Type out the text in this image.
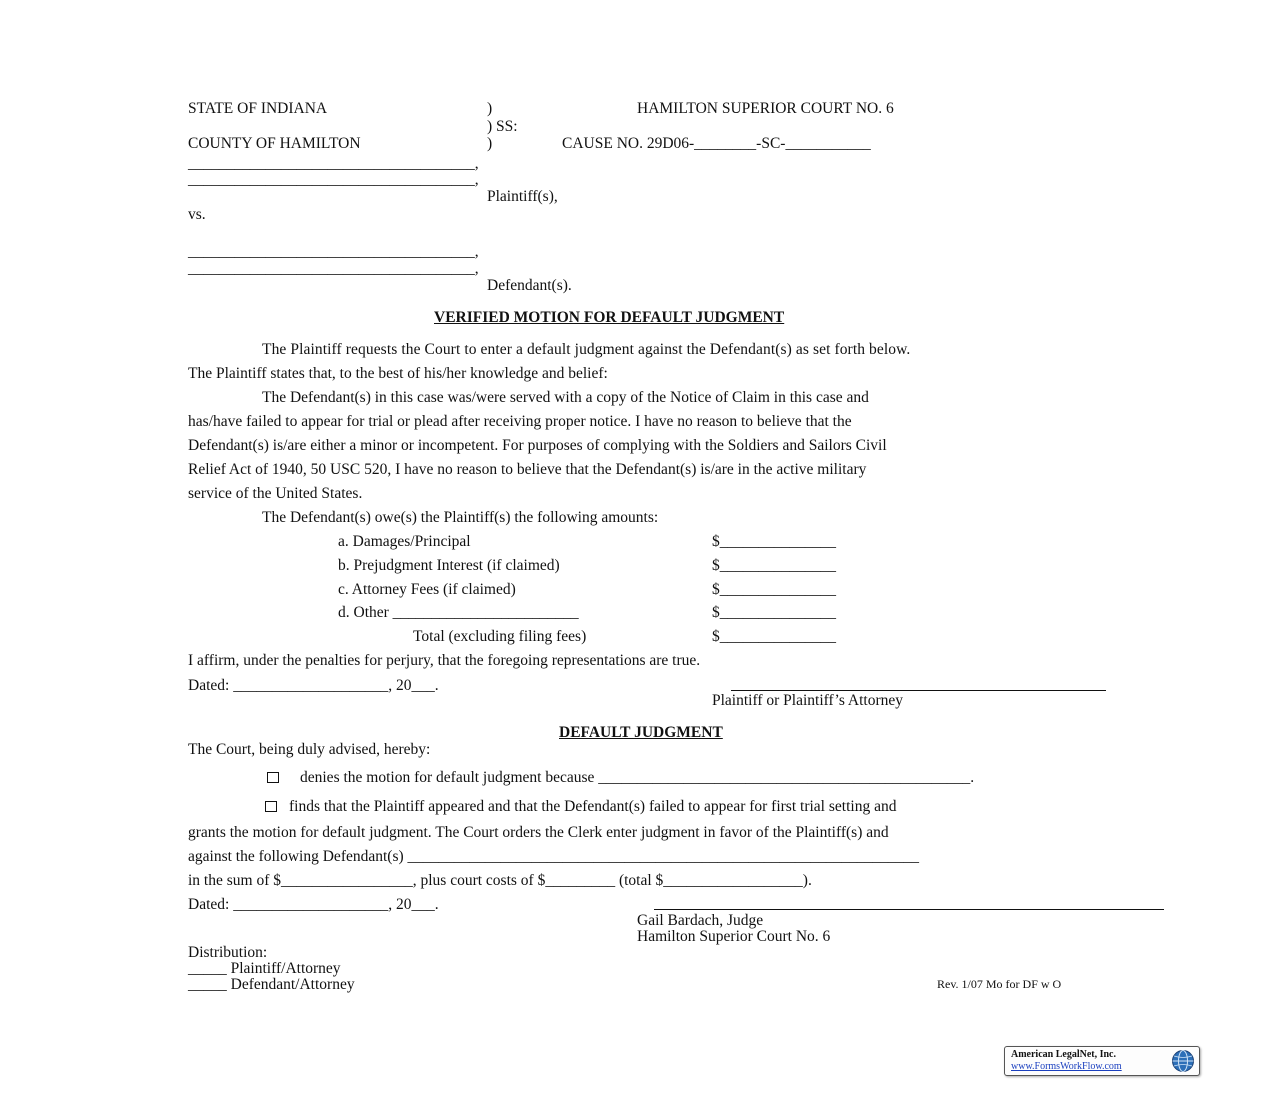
STATE OF INDIANA	)	HAMILTON SUPERIOR COURT NO. 6
) SS:
COUNTY OF HAMILTON	)	CAUSE NO. 29D06-________-SC-___________
_____________________________________,
_____________________________________,
Plaintiff(s),
vs.
_____________________________________,
_____________________________________,
Defendant(s).
VERIFIED MOTION FOR DEFAULT JUDGMENT
The Plaintiff requests the Court to enter a default judgment against the Defendant(s) as set forth below.
The Plaintiff states that, to the best of his/her knowledge and belief:
The Defendant(s) in this case was/were served with a copy of the Notice of Claim in this case and
has/have failed to appear for trial or plead after receiving proper notice. I have no reason to believe that the
Defendant(s) is/are either a minor or incompetent. For purposes of complying with the Soldiers and Sailors Civil
Relief Act of 1940, 50 USC 520, I have no reason to believe that the Defendant(s) is/are in the active military
service of the United States.
The Defendant(s) owe(s) the Plaintiff(s) the following amounts:
a. Damages/Principal	$_______________
b. Prejudgment Interest (if claimed)	$_______________
c. Attorney Fees (if claimed)	$_______________
d. Other ________________________	$_______________
Total (excluding filing fees)	$_______________
I affirm, under the penalties for perjury, that the foregoing representations are true.
Dated: ____________________, 20___.
Plaintiff or Plaintiff’s Attorney
DEFAULT JUDGMENT
The Court, being duly advised, hereby:
denies the motion for default judgment because ________________________________________________.
finds that the Plaintiff appeared and that the Defendant(s) failed to appear for first trial setting and
grants the motion for default judgment. The Court orders the Clerk enter judgment in favor of the Plaintiff(s) and
against the following Defendant(s) __________________________________________________________________
in the sum of $_________________, plus court costs of $_________ (total $__________________).
Dated: ____________________, 20___.
Gail Bardach, Judge
Hamilton Superior Court No. 6
Distribution:
_____ Plaintiff/Attorney
_____ Defendant/Attorney	Rev. 1/07 Mo for DF w O
American LegalNet, Inc.
www.FormsWorkFlow.com
